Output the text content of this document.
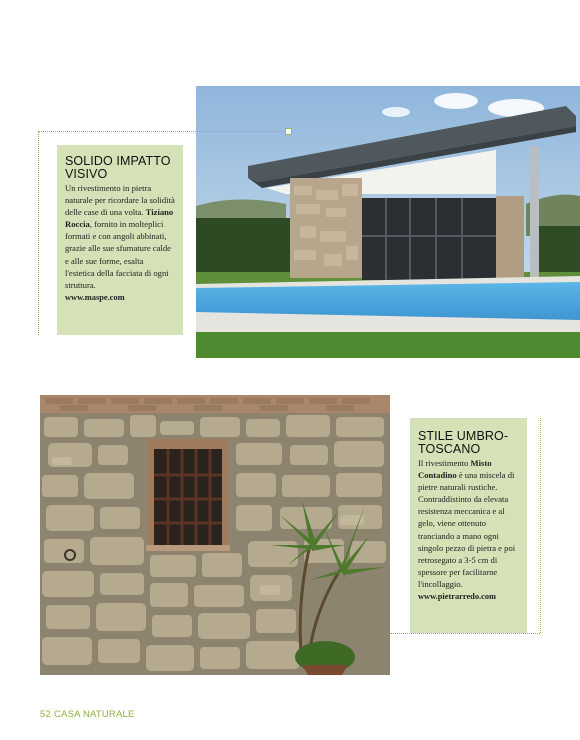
SOLIDO IMPATTO VISIVO

Un rivestimento in pietra naturale per ricordare la solidità delle case di una volta. Tiziano Roccia, fornito in molteplici formati e con angoli abbinati, grazie alle sue sfumature calde e alle sue forme, esalta l'estetica della facciata di ogni struttura.

www.maspe.com
STILE UMBRO-TOSCANO

Il rivestimento Misto Contadino è una miscela di pietre naturali rustiche. Contraddistinto da elevata resistenza meccanica e al gelo, viene ottenuto tranciando a mano ogni singolo pezzo di pietra e poi retrosegato a 3-5 cm di spessore per facilitarne l'incollaggio.

www.pietrarredo.com
52 CASA NATURALE
